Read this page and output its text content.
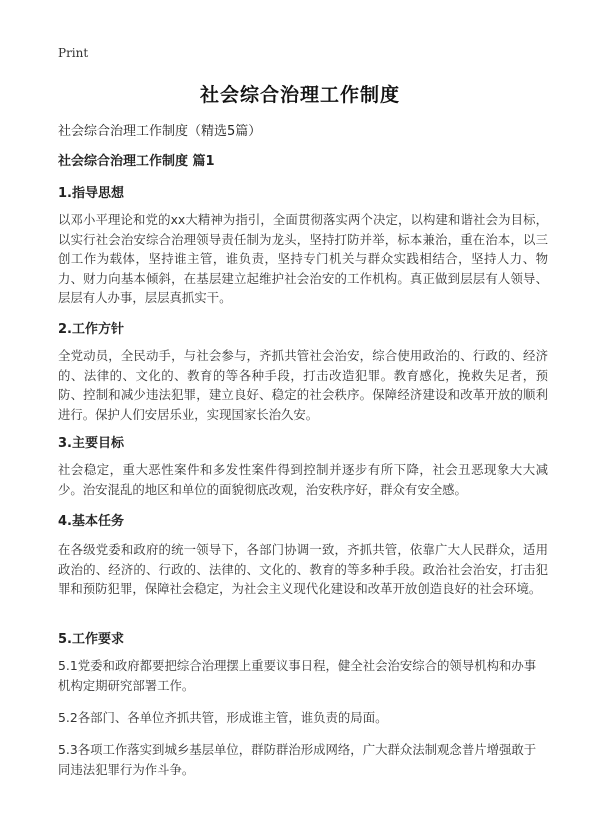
Print
社会综合治理工作制度
社会综合治理工作制度（精选5篇）
社会综合治理工作制度 篇1
1.指导思想
以邓小平理论和党的xx大精神为指引，全面贯彻落实两个决定，以构建和谐社会为目标，以实行社会治安综合治理领导责任制为龙头，坚持打防并举，标本兼治，重在治本，以三创工作为载体，坚持谁主管，谁负责，坚持专门机关与群众实践相结合，坚持人力、物力、财力向基本倾斜，在基层建立起维护社会治安的工作机构。真正做到层层有人领导、层层有人办事，层层真抓实干。
2.工作方针
全党动员，全民动手，与社会参与，齐抓共管社会治安，综合使用政治的、行政的、经济的、法律的、文化的、教育的等各种手段，打击改造犯罪。教育感化，挽救失足者，预防、控制和减少违法犯罪，建立良好、稳定的社会秩序。保障经济建设和改革开放的顺利进行。保护人们安居乐业，实现国家长治久安。
3.主要目标
社会稳定，重大恶性案件和多发性案件得到控制并逐步有所下降，社会丑恶现象大大减少。治安混乱的地区和单位的面貌彻底改观，治安秩序好，群众有安全感。
4.基本任务
在各级党委和政府的统一领导下，各部门协调一致，齐抓共管，依靠广大人民群众，适用政治的、经济的、行政的、法律的、文化的、教育的等多种手段。政治社会治安，打击犯罪和预防犯罪，保障社会稳定，为社会主义现代化建设和改革开放创造良好的社会环境。
5.工作要求
5.1党委和政府都要把综合治理摆上重要议事日程，健全社会治安综合的领导机构和办事机构定期研究部署工作。
5.2各部门、各单位齐抓共管，形成谁主管，谁负责的局面。
5.3各项工作落实到城乡基层单位，群防群治形成网络，广大群众法制观念普片增强敢于同违法犯罪行为作斗争。
